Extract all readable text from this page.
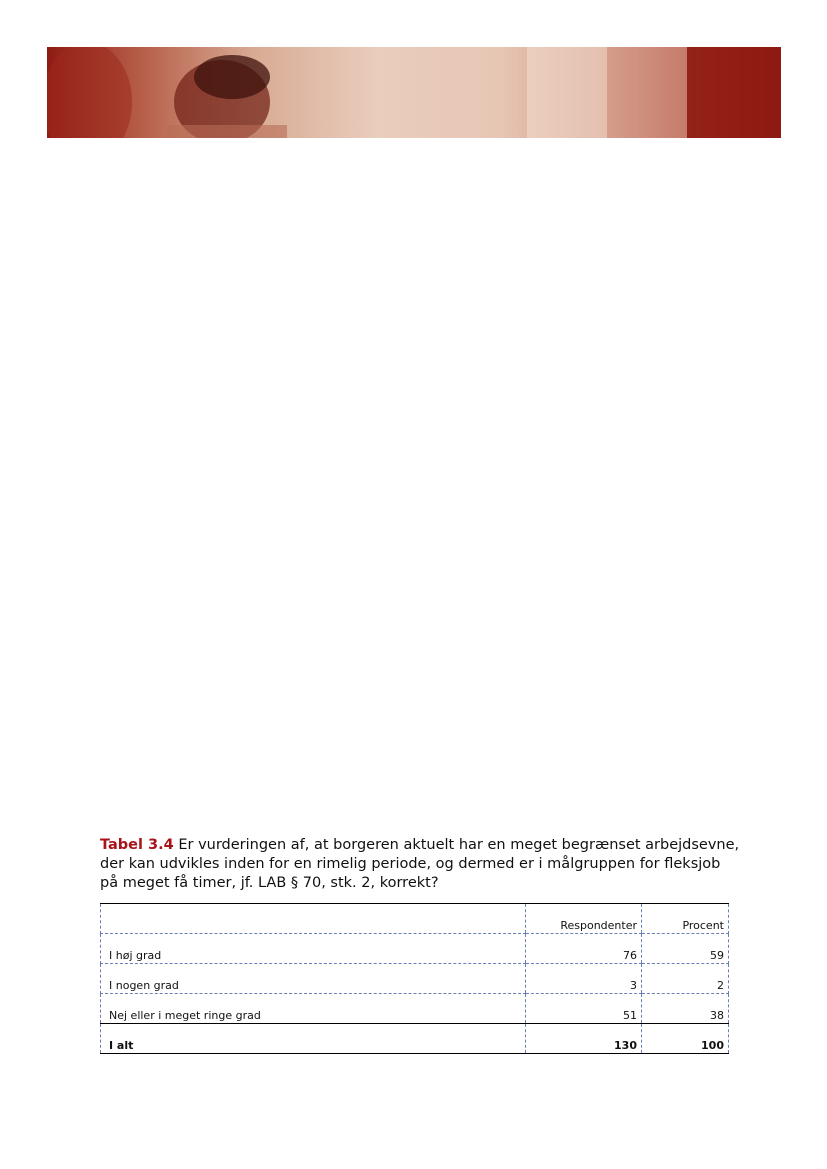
Tabel 3.4 Er vurderingen af, at borgeren aktuelt har en meget begrænset arbejdsevne, der kan udvikles inden for en rimelig periode, og dermed er i målgruppen for fleksjob på meget få timer, jf. LAB § 70, stk. 2, korrekt?
	Respondenter	Procent
I høj grad	76	59
I nogen grad	3	2
Nej eller i meget ringe grad	51	38
I alt	130	100
